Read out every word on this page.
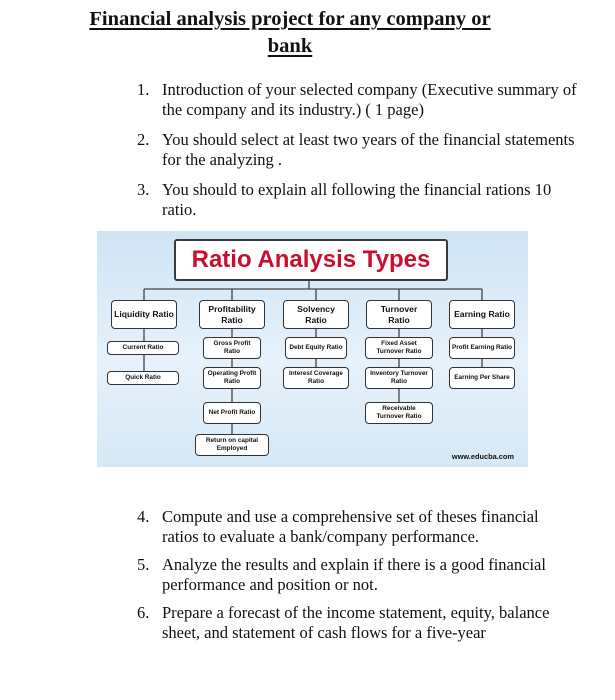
Financial analysis project for any company or
bank
1. Introduction of your selected company (Executive summary of the company and its industry.) ( 1 page)
2. You should select at least two years of the financial statements for the analyzing .
3. You should to explain all following the financial rations 10 ratio.
Ratio Analysis Types
Liquidity Ratio
Profitability Ratio
Solvency Ratio
Turnover Ratio
Earning Ratio
Current Ratio
Quick Ratio
Gross Profit Ratio
Operating Profit Ratio
Net Profit Ratio
Return on capital Employed
Debt Equity Ratio
Interest Coverage Ratio
Fixed Asset Turnover Ratio
Inventory Turnover Ratio
Receivable Turnover Ratio
Profit Earning Ratio
Earning Per Share
www.educba.com
4. Compute and use a comprehensive set of theses financial ratios to evaluate a bank/company performance.
5. Analyze the results and explain if there is a good financial performance and position or not.
6. Prepare a forecast of the income statement, equity, balance sheet, and statement of cash flows for a five-year
